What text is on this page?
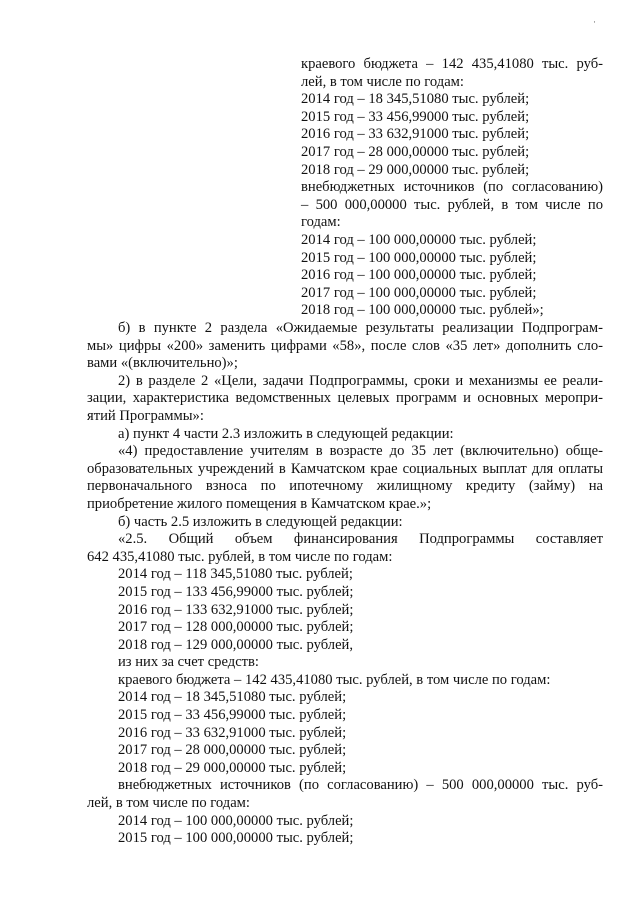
·
краевого бюджета – 142 435,41080 тыс. руб-
лей, в том числе по годам:
2014 год – 18 345,51080 тыс. рублей;
2015 год – 33 456,99000 тыс. рублей;
2016 год – 33 632,91000 тыс. рублей;
2017 год – 28 000,00000 тыс. рублей;
2018 год – 29 000,00000 тыс. рублей;
внебюджетных источников (по согласованию)
– 500 000,00000 тыс. рублей, в том числе по
годам:
2014 год – 100 000,00000 тыс. рублей;
2015 год – 100 000,00000 тыс. рублей;
2016 год – 100 000,00000 тыс. рублей;
2017 год – 100 000,00000 тыс. рублей;
2018 год – 100 000,00000 тыс. рублей»;
б) в пункте 2 раздела «Ожидаемые результаты реализации Подпрограм-
мы» цифры «200» заменить цифрами «58», после слов «35 лет» дополнить сло-
вами «(включительно)»;
2) в разделе 2 «Цели, задачи Подпрограммы, сроки и механизмы ее реали-
зации, характеристика ведомственных целевых программ и основных меропри-
ятий Программы»:
а) пункт 4 части 2.3 изложить в следующей редакции:
«4) предоставление учителям в возрасте до 35 лет (включительно) обще-
образовательных учреждений в Камчатском крае социальных выплат для оплаты
первоначального взноса по ипотечному жилищному кредиту (займу) на
приобретение жилого помещения в Камчатском крае.»;
б) часть 2.5 изложить в следующей редакции:
«2.5. Общий объем финансирования Подпрограммы составляет
642 435,41080 тыс. рублей, в том числе по годам:
2014 год – 118 345,51080 тыс. рублей;
2015 год – 133 456,99000 тыс. рублей;
2016 год – 133 632,91000 тыс. рублей;
2017 год – 128 000,00000 тыс. рублей;
2018 год – 129 000,00000 тыс. рублей,
из них за счет средств:
краевого бюджета – 142 435,41080 тыс. рублей, в том числе по годам:
2014 год – 18 345,51080 тыс. рублей;
2015 год – 33 456,99000 тыс. рублей;
2016 год – 33 632,91000 тыс. рублей;
2017 год – 28 000,00000 тыс. рублей;
2018 год – 29 000,00000 тыс. рублей;
внебюджетных источников (по согласованию) – 500 000,00000 тыс. руб-
лей, в том числе по годам:
2014 год – 100 000,00000 тыс. рублей;
2015 год – 100 000,00000 тыс. рублей;
